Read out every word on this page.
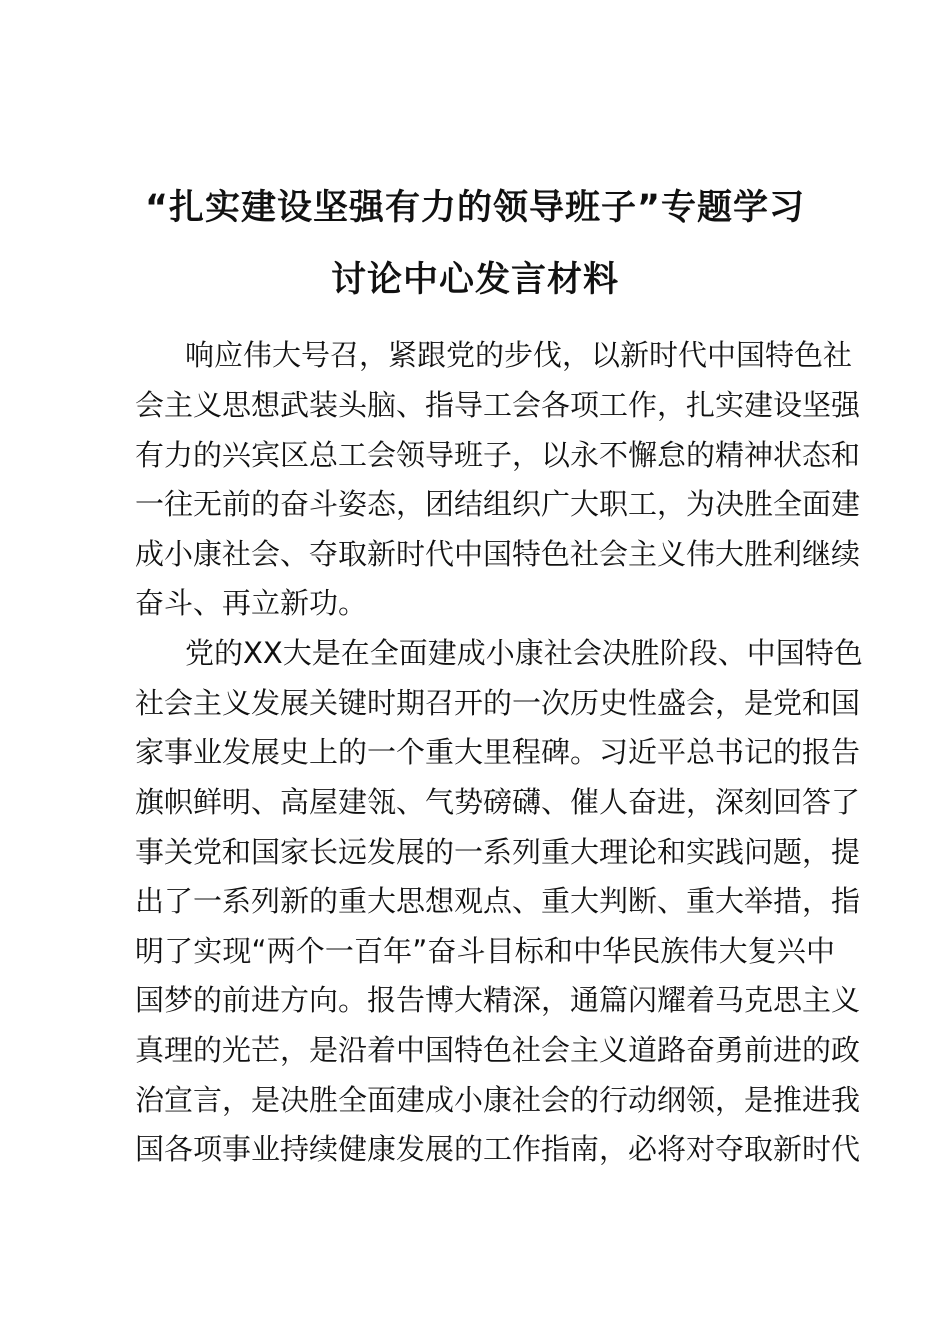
“扎实建设坚强有力的领导班子”专题学习
讨论中心发言材料
响应伟大号召，紧跟党的步伐，以新时代中国特色社
会主义思想武装头脑、指导工会各项工作，扎实建设坚强
有力的兴宾区总工会领导班子，以永不懈怠的精神状态和
一往无前的奋斗姿态，团结组织广大职工，为决胜全面建
成小康社会、夺取新时代中国特色社会主义伟大胜利继续
奋斗、再立新功。
党的XX大是在全面建成小康社会决胜阶段、中国特色
社会主义发展关键时期召开的一次历史性盛会，是党和国
家事业发展史上的一个重大里程碑。习近平总书记的报告
旗帜鲜明、高屋建瓴、气势磅礴、催人奋进，深刻回答了
事关党和国家长远发展的一系列重大理论和实践问题，提
出了一系列新的重大思想观点、重大判断、重大举措，指
明了实现“两个一百年”奋斗目标和中华民族伟大复兴中
国梦的前进方向。报告博大精深，通篇闪耀着马克思主义
真理的光芒，是沿着中国特色社会主义道路奋勇前进的政
治宣言，是决胜全面建成小康社会的行动纲领，是推进我
国各项事业持续健康发展的工作指南，必将对夺取新时代
